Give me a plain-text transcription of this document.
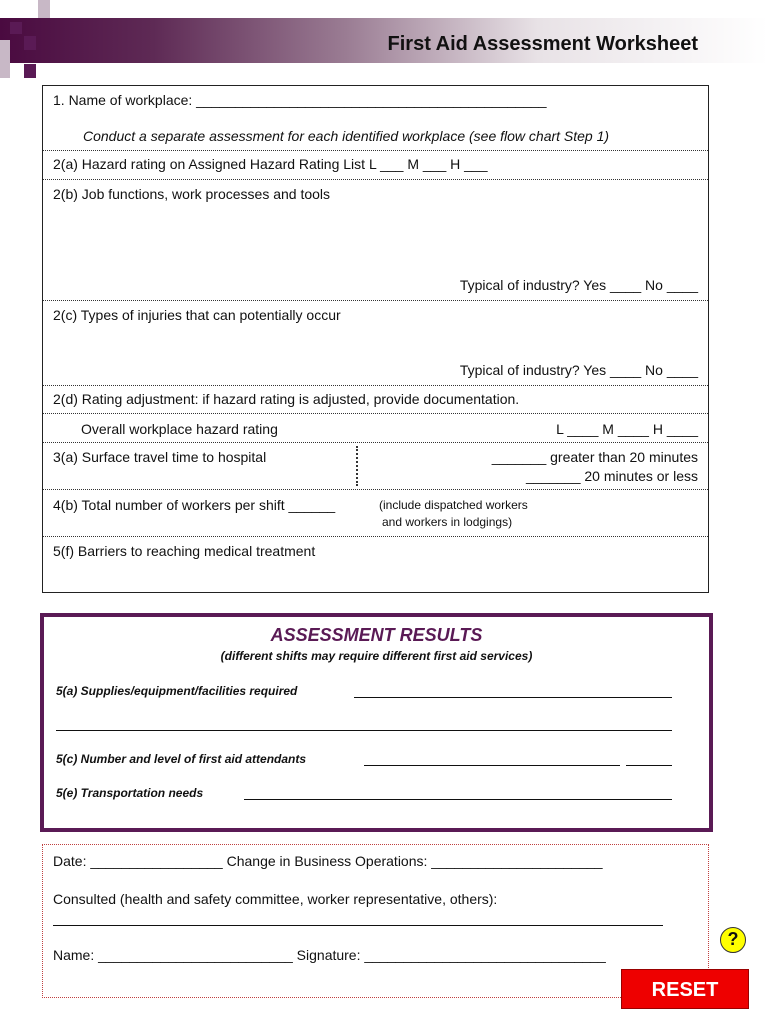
First Aid Assessment Worksheet
1. Name of workplace: _____________________________________________
Conduct a separate assessment for each identified workplace (see flow chart Step 1)
2(a) Hazard rating on Assigned Hazard Rating List L ___ M ___ H ___
2(b) Job functions, work processes and tools
Typical of industry? Yes ____ No ____
2(c) Types of injuries that can potentially occur
Typical of industry? Yes ____ No ____
2(d) Rating adjustment: if hazard rating is adjusted, provide documentation.
Overall workplace hazard rating	L ____ M ____ H ____
3(a) Surface travel time to hospital	_______ greater than 20 minutes
_______ 20 minutes or less
4(b) Total number of workers per shift ______	(include dispatched workers
and workers in lodgings)
5(f) Barriers to reaching medical treatment
ASSESSMENT RESULTS
(different shifts may require different first aid services)
5(a) Supplies/equipment/facilities required
5(c) Number and level of first aid attendants
5(e) Transportation needs
Date: _________________ Change in Business Operations: ______________________
Consulted (health and safety committee, worker representative, others):
Name: _________________________ Signature: _______________________________
?
RESET
